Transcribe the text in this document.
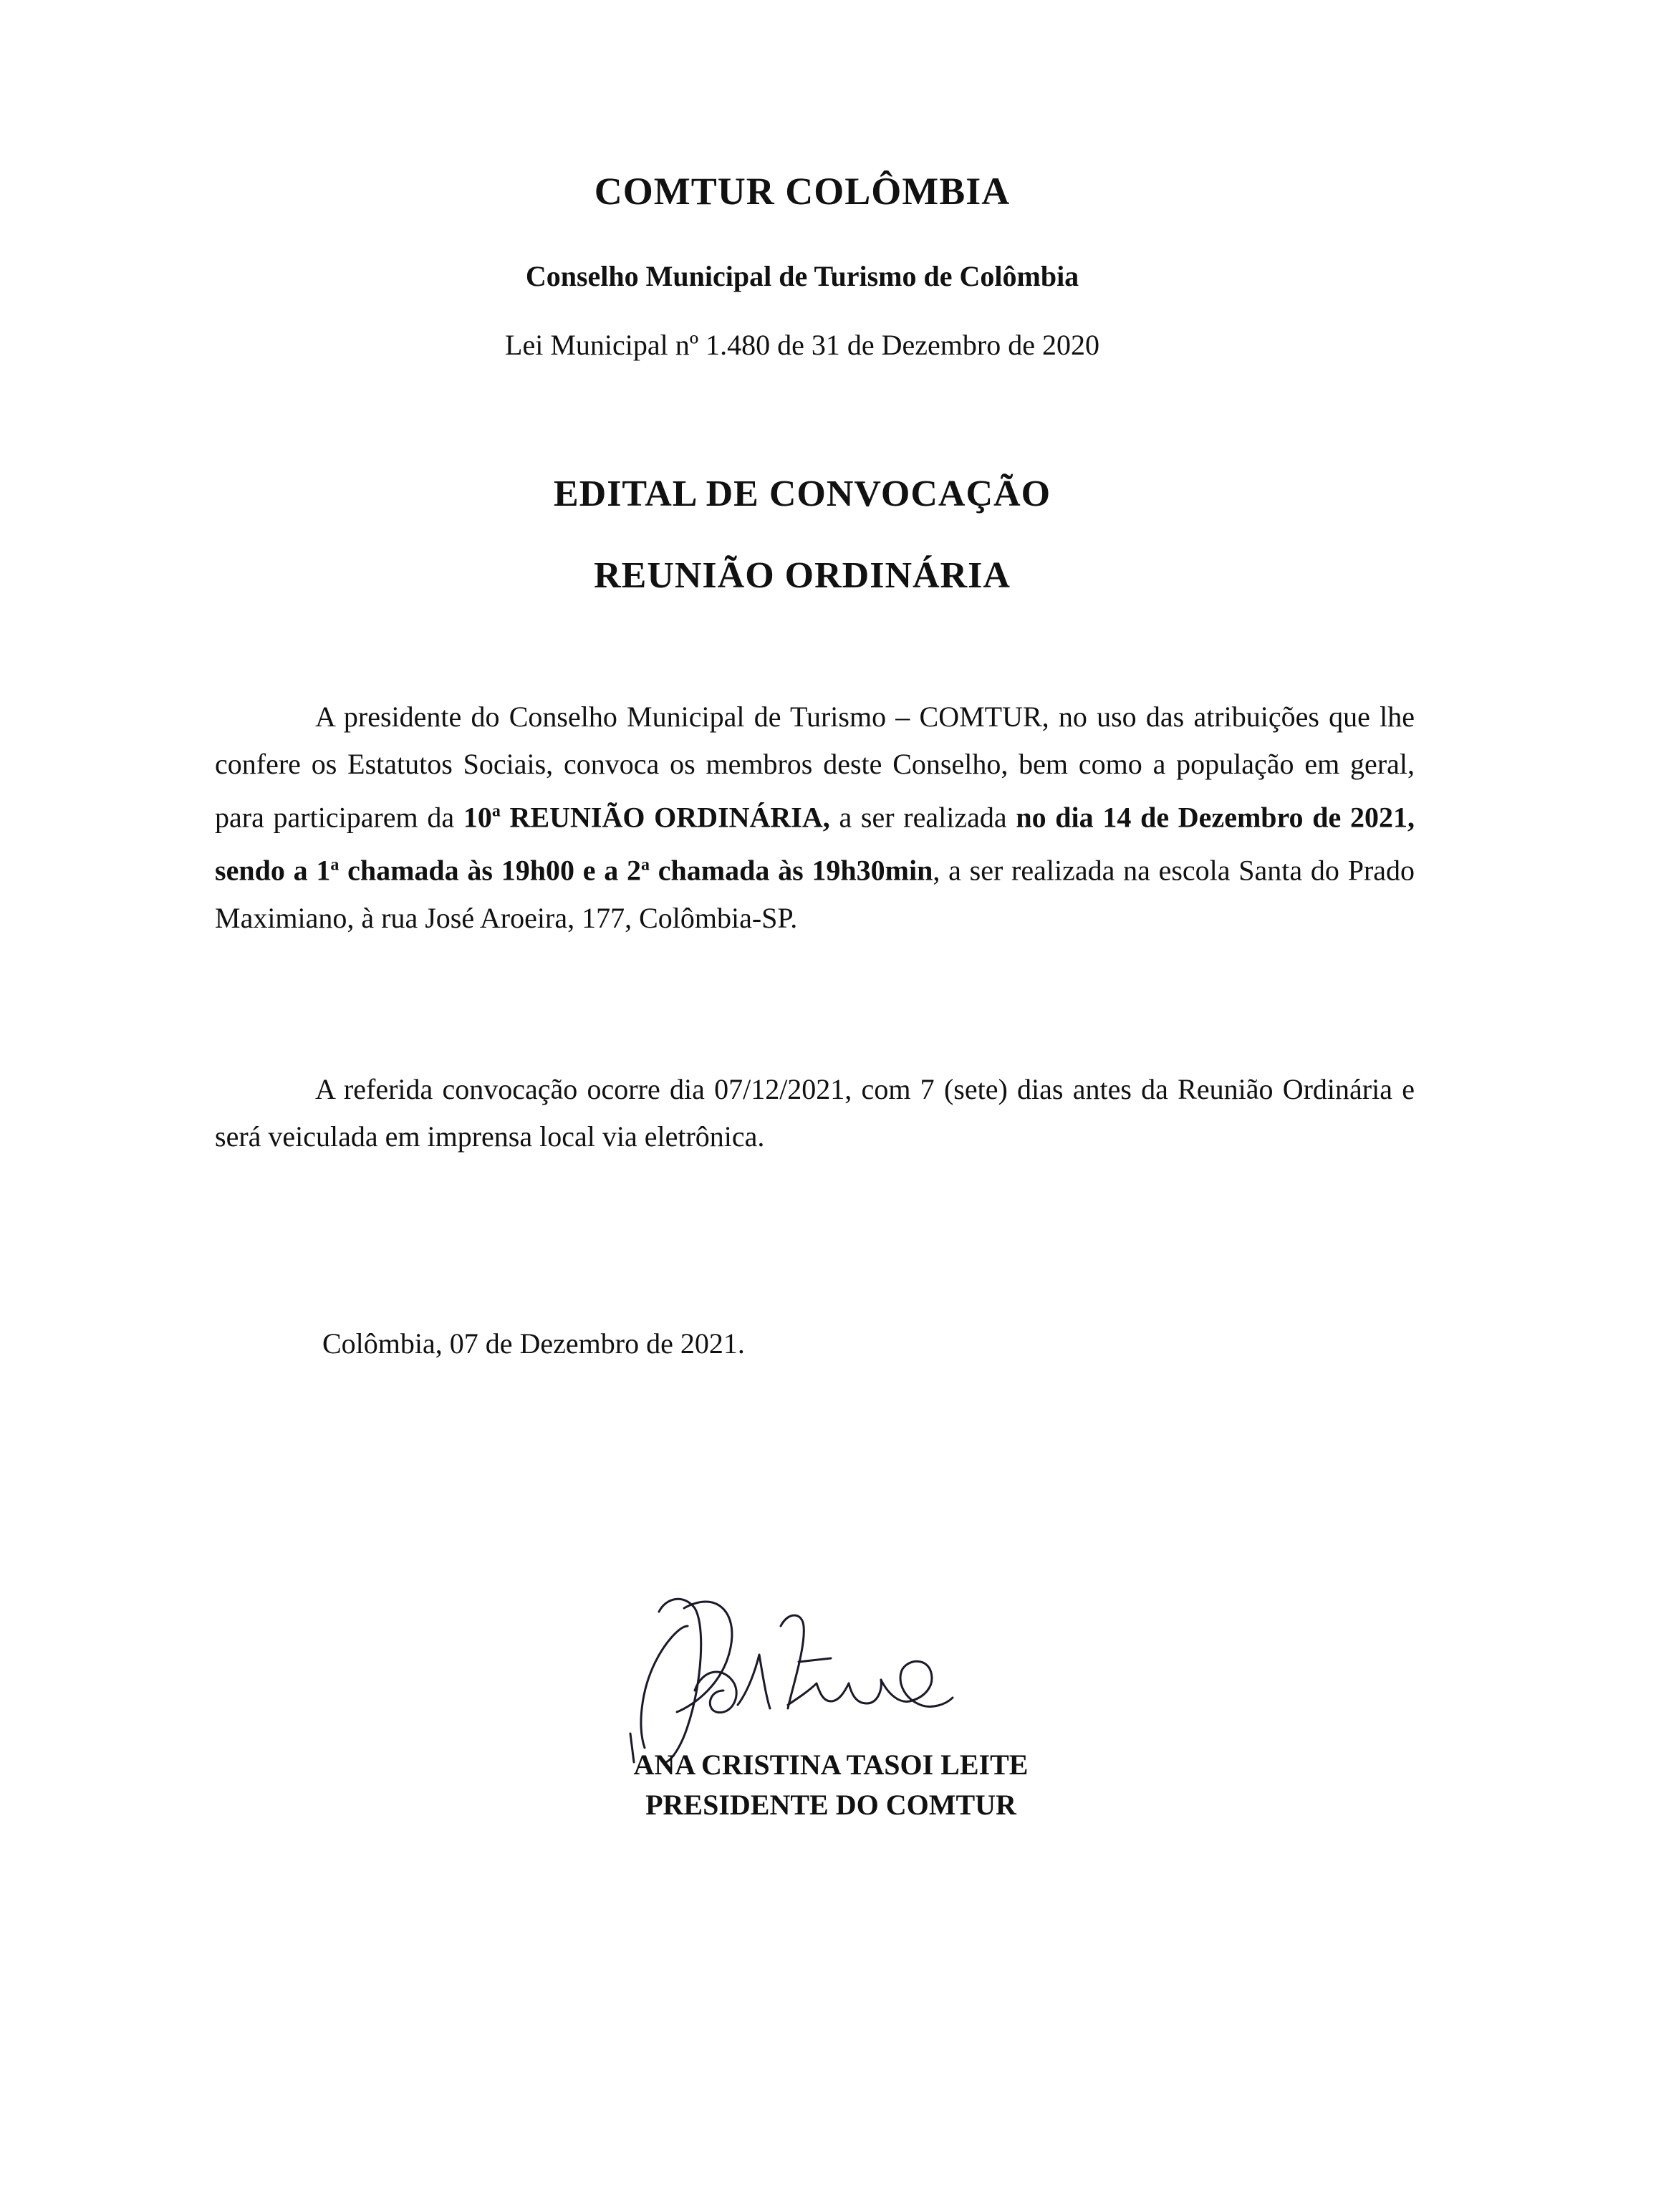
COMTUR COLÔMBIA
Conselho Municipal de Turismo de Colômbia
Lei Municipal nº 1.480 de 31 de Dezembro de 2020
EDITAL DE CONVOCAÇÃO
REUNIÃO ORDINÁRIA
A presidente do Conselho Municipal de Turismo – COMTUR, no uso das atribuições que lhe confere os Estatutos Sociais, convoca os membros deste Conselho, bem como a população em geral, para participarem da 10$^a$ REUNIÃO ORDINÁRIA, a ser realizada no dia 14 de Dezembro de 2021, sendo a 1$^a$ chamada às 19h00 e a 2$^a$ chamada às 19h30min, a ser realizada na escola Santa do Prado Maximiano, à rua José Aroeira, 177, Colômbia-SP.
A referida convocação ocorre dia 07/12/2021, com 7 (sete) dias antes da Reunião Ordinária e será veiculada em imprensa local via eletrônica.
Colômbia, 07 de Dezembro de 2021.
ANA CRISTINA TASOI LEITE
PRESIDENTE DO COMTUR
